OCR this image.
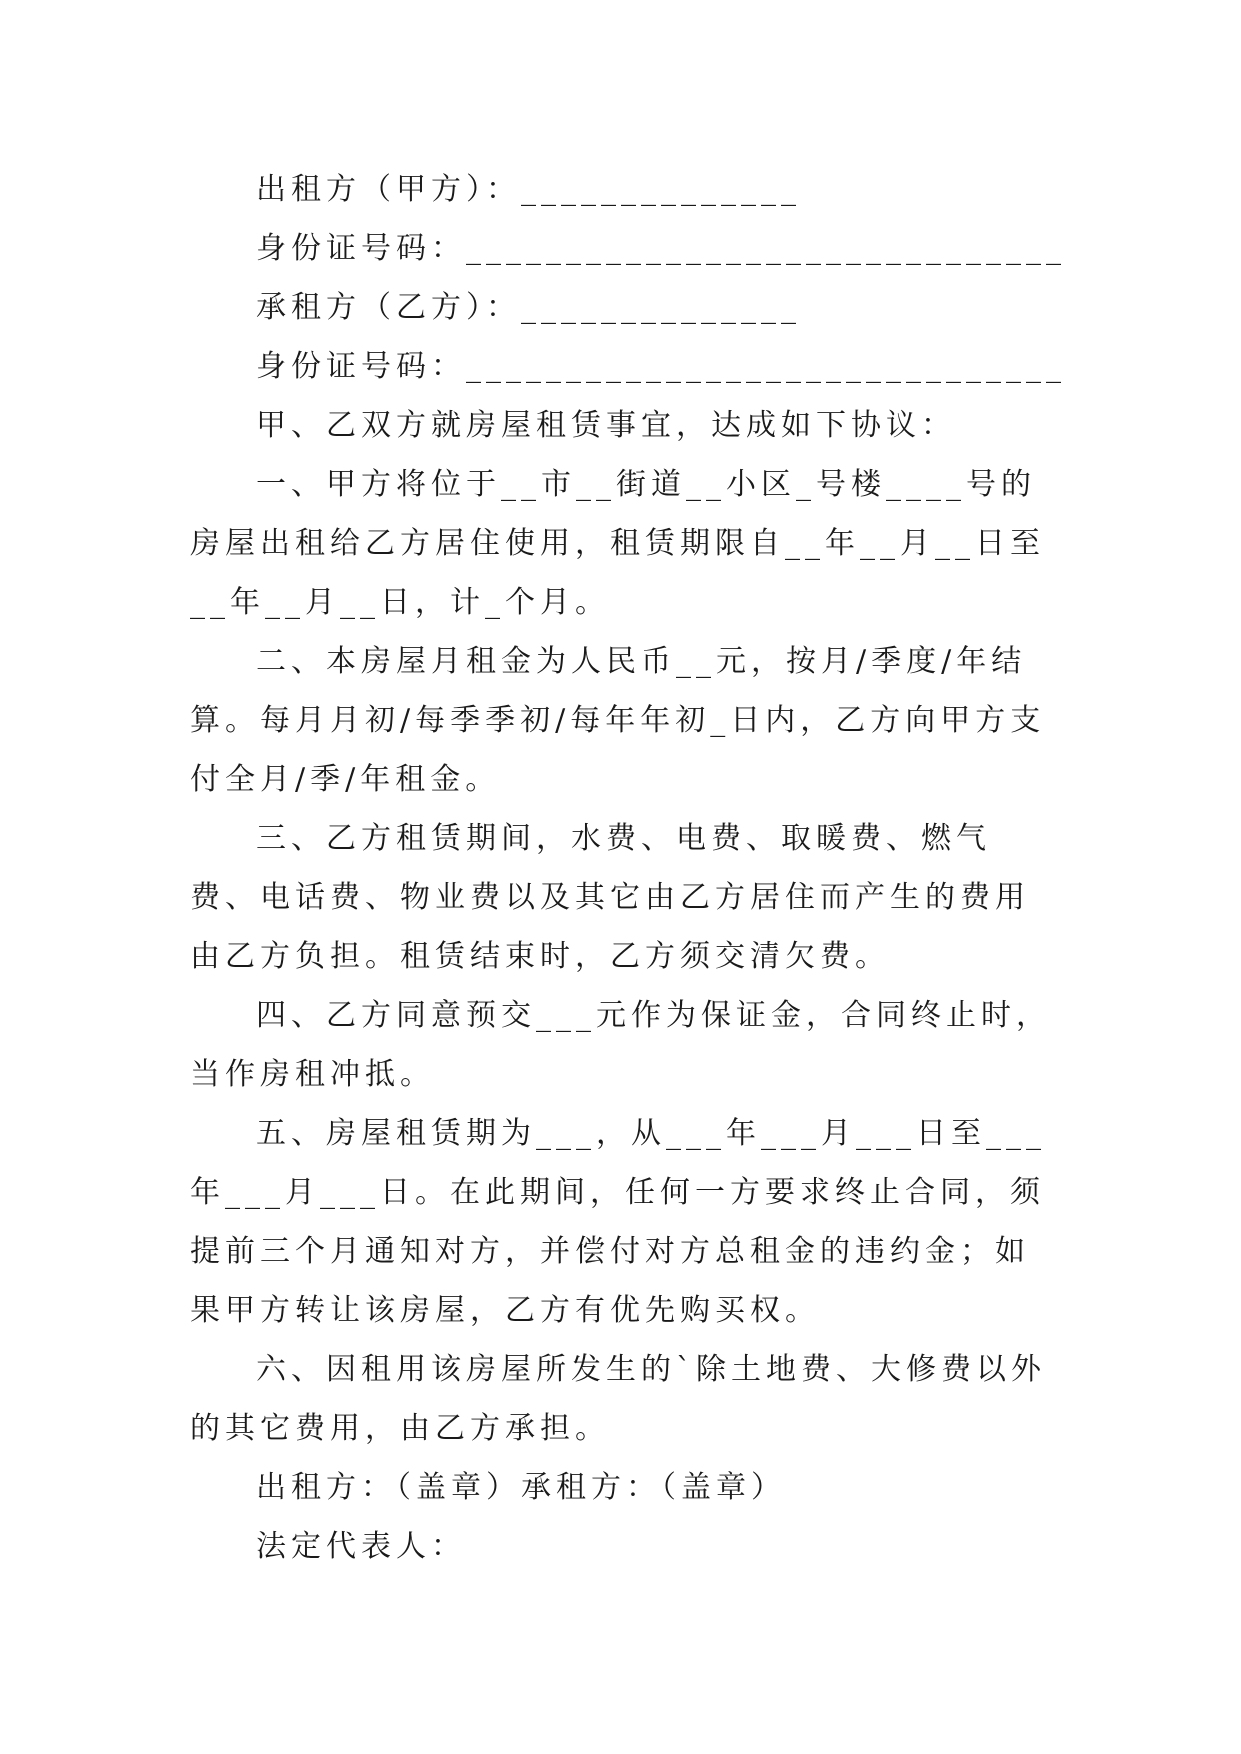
出租方（甲方）：______________
身份证号码：______________________________
承租方（乙方）：______________
身份证号码：______________________________
甲、乙双方就房屋租赁事宜，达成如下协议：

一、甲方将位于__市__街道__小区_号楼____号的房屋出租给乙方居住使用，租赁期限自__年__月__日至__年__月__日，计_个月。

二、本房屋月租金为人民币__元，按月/季度/年结算。每月月初/每季季初/每年年初_日内，乙方向甲方支付全月/季/年租金。

三、乙方租赁期间，水费、电费、取暖费、燃气费、电话费、物业费以及其它由乙方居住而产生的费用由乙方负担。租赁结束时，乙方须交清欠费。

四、乙方同意预交___元作为保证金，合同终止时，当作房租冲抵。

五、房屋租赁期为___，从___年___月___日至___年___月___日。在此期间，任何一方要求终止合同，须提前三个月通知对方，并偿付对方总租金的违约金；如果甲方转让该房屋，乙方有优先购买权。

六、因租用该房屋所发生的`除土地费、大修费以外的其它费用，由乙方承担。

出租方：（盖章）承租方：（盖章）
法定代表人：
